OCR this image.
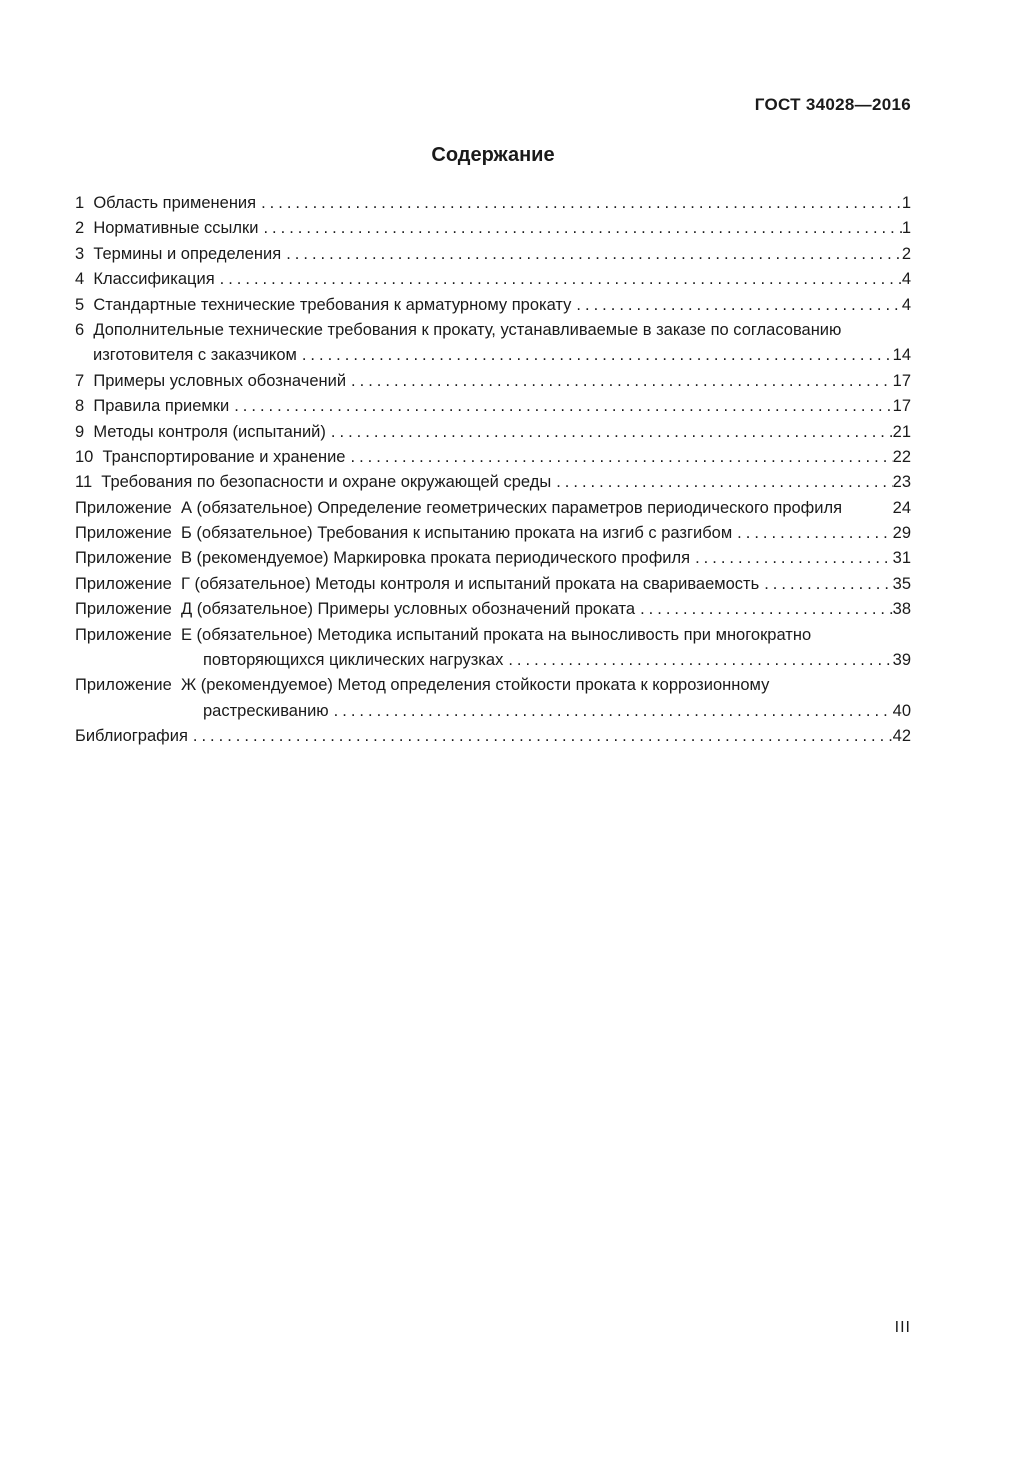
ГОСТ 34028—2016
Содержание
1  Область применения .....	1
2  Нормативные ссылки .....	1
3  Термины и определения .....	2
4  Классификация .....	4
5  Стандартные технические требования к арматурному прокату .....	4
6  Дополнительные технические требования к прокату, устанавливаемые в заказе по согласованию
изготовителя с заказчиком .....	14
7  Примеры условных обозначений .....	17
8  Правила приемки .....	17
9  Методы контроля (испытаний) .....	21
10  Транспортирование и хранение .....	22
11  Требования по безопасности и охране окружающей среды .....	23
Приложение  А (обязательное) Определение геометрических параметров периодического профиля	24
Приложение  Б (обязательное) Требования к испытанию проката на изгиб с разгибом .....	29
Приложение  В (рекомендуемое) Маркировка проката периодического профиля .....	31
Приложение  Г (обязательное) Методы контроля и испытаний проката на свариваемость .....	35
Приложение  Д (обязательное) Примеры условных обозначений проката .....	38
Приложение  Е (обязательное) Методика испытаний проката на выносливость при многократно
повторяющихся циклических нагрузках .....	39
Приложение  Ж (рекомендуемое) Метод определения стойкости проката к коррозионному
растрескиванию .....	40
Библиография .....	42
III
